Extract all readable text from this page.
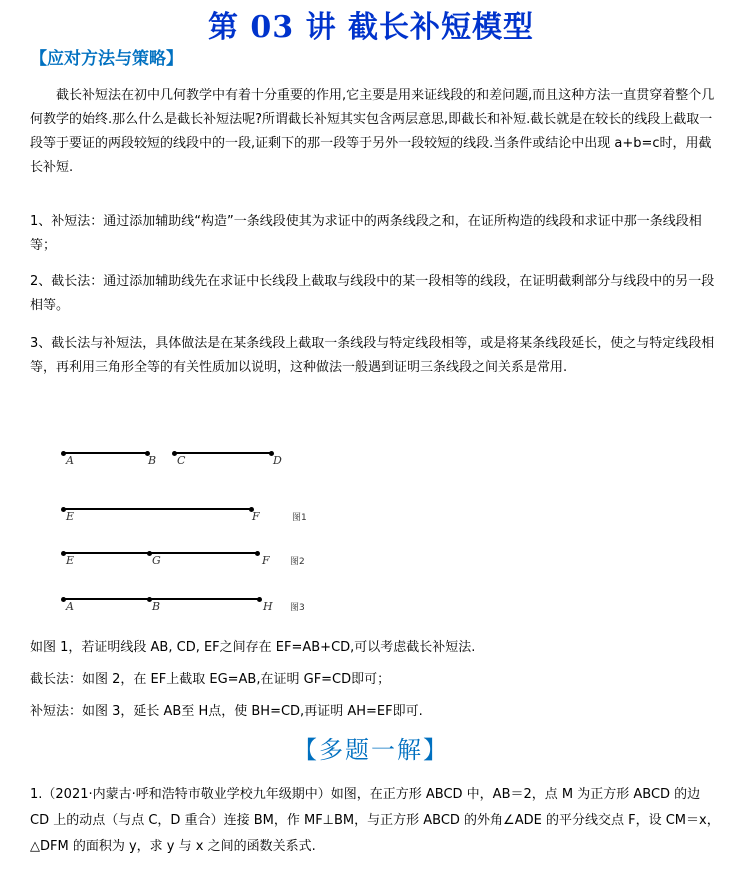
第 03 讲 截长补短模型
【应对方法与策略】
截长补短法在初中几何教学中有着十分重要的作用,它主要是用来证线段的和差问题,而且这种方法一直贯穿着整个几何教学的始终.那么什么是截长补短法呢?所谓截长补短其实包含两层意思,即截长和补短.截长就是在较长的线段上截取一段等于要证的两段较短的线段中的一段,证剩下的那一段等于另外一段较短的线段.当条件或结论中出现 a+b=c时，用截长补短.
1、补短法：通过添加辅助线“构造”一条线段使其为求证中的两条线段之和，在证所构造的线段和求证中那一条线段相等；
2、截长法：通过添加辅助线先在求证中长线段上截取与线段中的某一段相等的线段，在证明截剩部分与线段中的另一段相等。
3、截长法与补短法，具体做法是在某条线段上截取一条线段与特定线段相等，或是将某条线段延长，使之与特定线段相等，再利用三角形全等的有关性质加以说明，这种做法一般遇到证明三条线段之间关系是常用.
A	B C	D
E	F	图1
E	G	F 图2
A	B	H 图3
如图 1，若证明线段 AB, CD, EF之间存在 EF=AB+CD,可以考虑截长补短法.
截长法：如图 2，在 EF上截取 EG=AB,在证明 GF=CD即可；
补短法：如图 3，延长 AB至 H点，使 BH=CD,再证明 AH=EF即可.
【多题一解】
1.（2021·内蒙古·呼和浩特市敬业学校九年级期中）如图，在正方形 ABCD 中，AB＝2，点 M 为正方形 ABCD 的边 CD 上的动点（与点 C，D 重合）连接 BM，作 MF⊥BM，与正方形 ABCD 的外角∠ADE 的平分线交点 F，设 CM＝x，△DFM 的面积为 y，求 y 与 x 之间的函数关系式.
